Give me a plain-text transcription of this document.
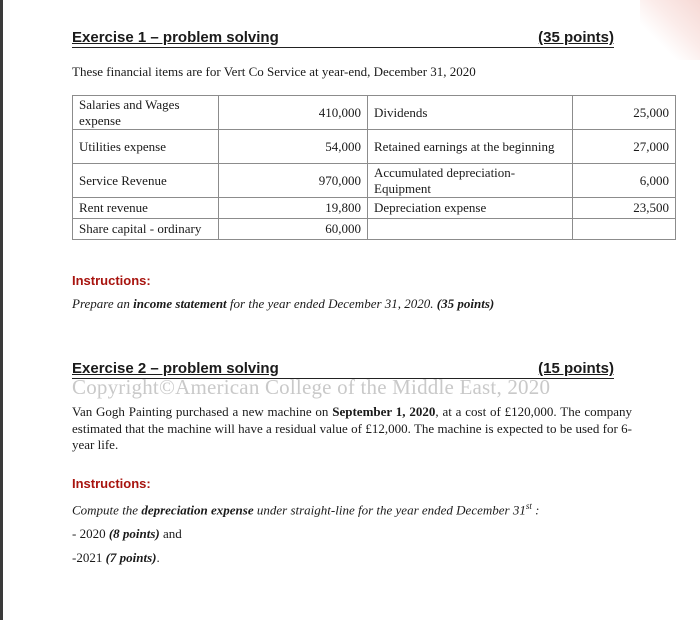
Exercise 1 – problem solving	(35 points)
These financial items are for Vert Co Service at year-end, December 31, 2020
Salaries and Wages expense	410,000	Dividends	25,000
Utilities expense	54,000	Retained earnings at the beginning	27,000
Service Revenue	970,000	Accumulated depreciation-Equipment	6,000
Rent revenue	19,800	Depreciation expense	23,500
Share capital - ordinary	60,000		
Instructions:
Prepare an income statement for the year ended December 31, 2020. (35 points)
Exercise 2 – problem solving	(15 points)
Copyright©American College of the Middle East, 2020
Van Gogh Painting purchased a new machine on September 1, 2020, at a cost of £120,000. The company estimated that the machine will have a residual value of £12,000. The machine is expected to be used for 6-year life.
Instructions:
Compute the depreciation expense under straight-line for the year ended December 31st :
- 2020 (8 points) and
-2021 (7 points).
